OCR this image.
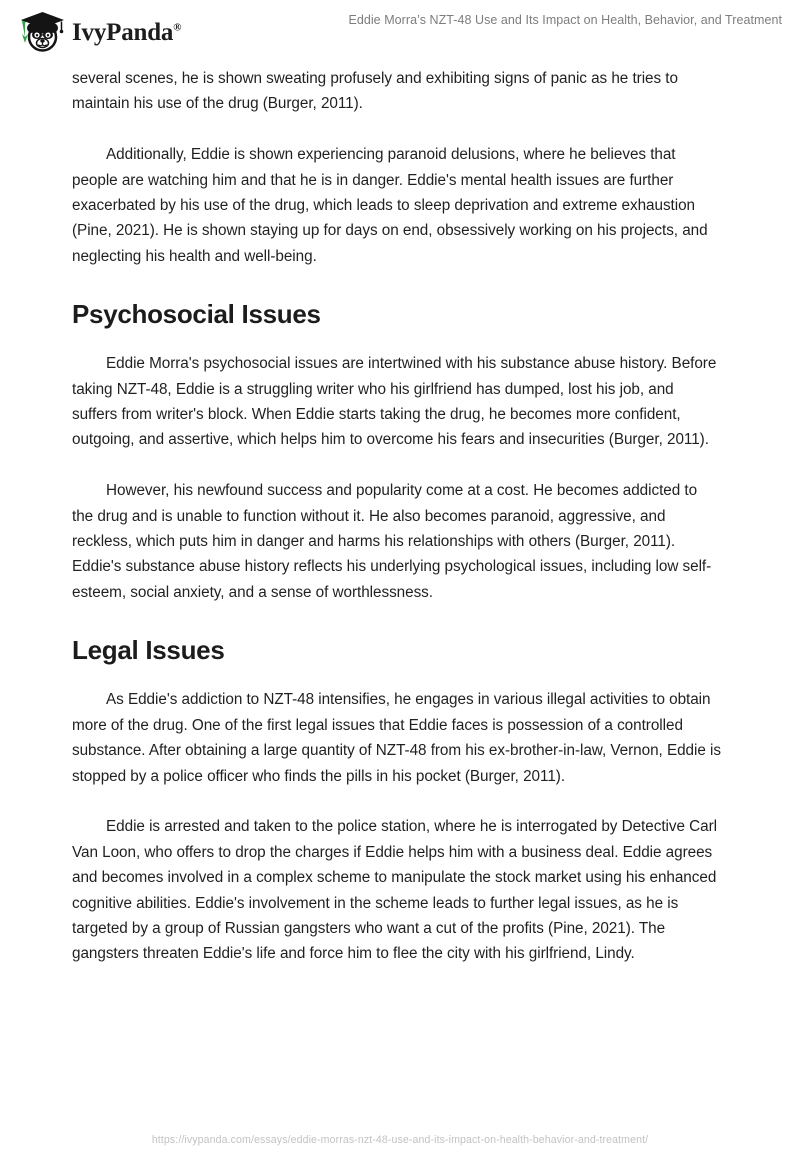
IvyPanda®
Eddie Morra’s NZT-48 Use and Its Impact on Health, Behavior, and Treatment

several scenes, he is shown sweating profusely and exhibiting signs of panic as he tries to maintain his use of the drug (Burger, 2011).

Additionally, Eddie is shown experiencing paranoid delusions, where he believes that people are watching him and that he is in danger. Eddie's mental health issues are further exacerbated by his use of the drug, which leads to sleep deprivation and extreme exhaustion (Pine, 2021). He is shown staying up for days on end, obsessively working on his projects, and neglecting his health and well-being.

Psychosocial Issues

Eddie Morra's psychosocial issues are intertwined with his substance abuse history. Before taking NZT-48, Eddie is a struggling writer who his girlfriend has dumped, lost his job, and suffers from writer's block. When Eddie starts taking the drug, he becomes more confident, outgoing, and assertive, which helps him to overcome his fears and insecurities (Burger, 2011).

However, his newfound success and popularity come at a cost. He becomes addicted to the drug and is unable to function without it. He also becomes paranoid, aggressive, and reckless, which puts him in danger and harms his relationships with others (Burger, 2011). Eddie's substance abuse history reflects his underlying psychological issues, including low self-esteem, social anxiety, and a sense of worthlessness.

Legal Issues

As Eddie's addiction to NZT-48 intensifies, he engages in various illegal activities to obtain more of the drug. One of the first legal issues that Eddie faces is possession of a controlled substance. After obtaining a large quantity of NZT-48 from his ex-brother-in-law, Vernon, Eddie is stopped by a police officer who finds the pills in his pocket (Burger, 2011).

Eddie is arrested and taken to the police station, where he is interrogated by Detective Carl Van Loon, who offers to drop the charges if Eddie helps him with a business deal. Eddie agrees and becomes involved in a complex scheme to manipulate the stock market using his enhanced cognitive abilities. Eddie's involvement in the scheme leads to further legal issues, as he is targeted by a group of Russian gangsters who want a cut of the profits (Pine, 2021). The gangsters threaten Eddie's life and force him to flee the city with his girlfriend, Lindy.

https://ivypanda.com/essays/eddie-morras-nzt-48-use-and-its-impact-on-health-behavior-and-treatment/
